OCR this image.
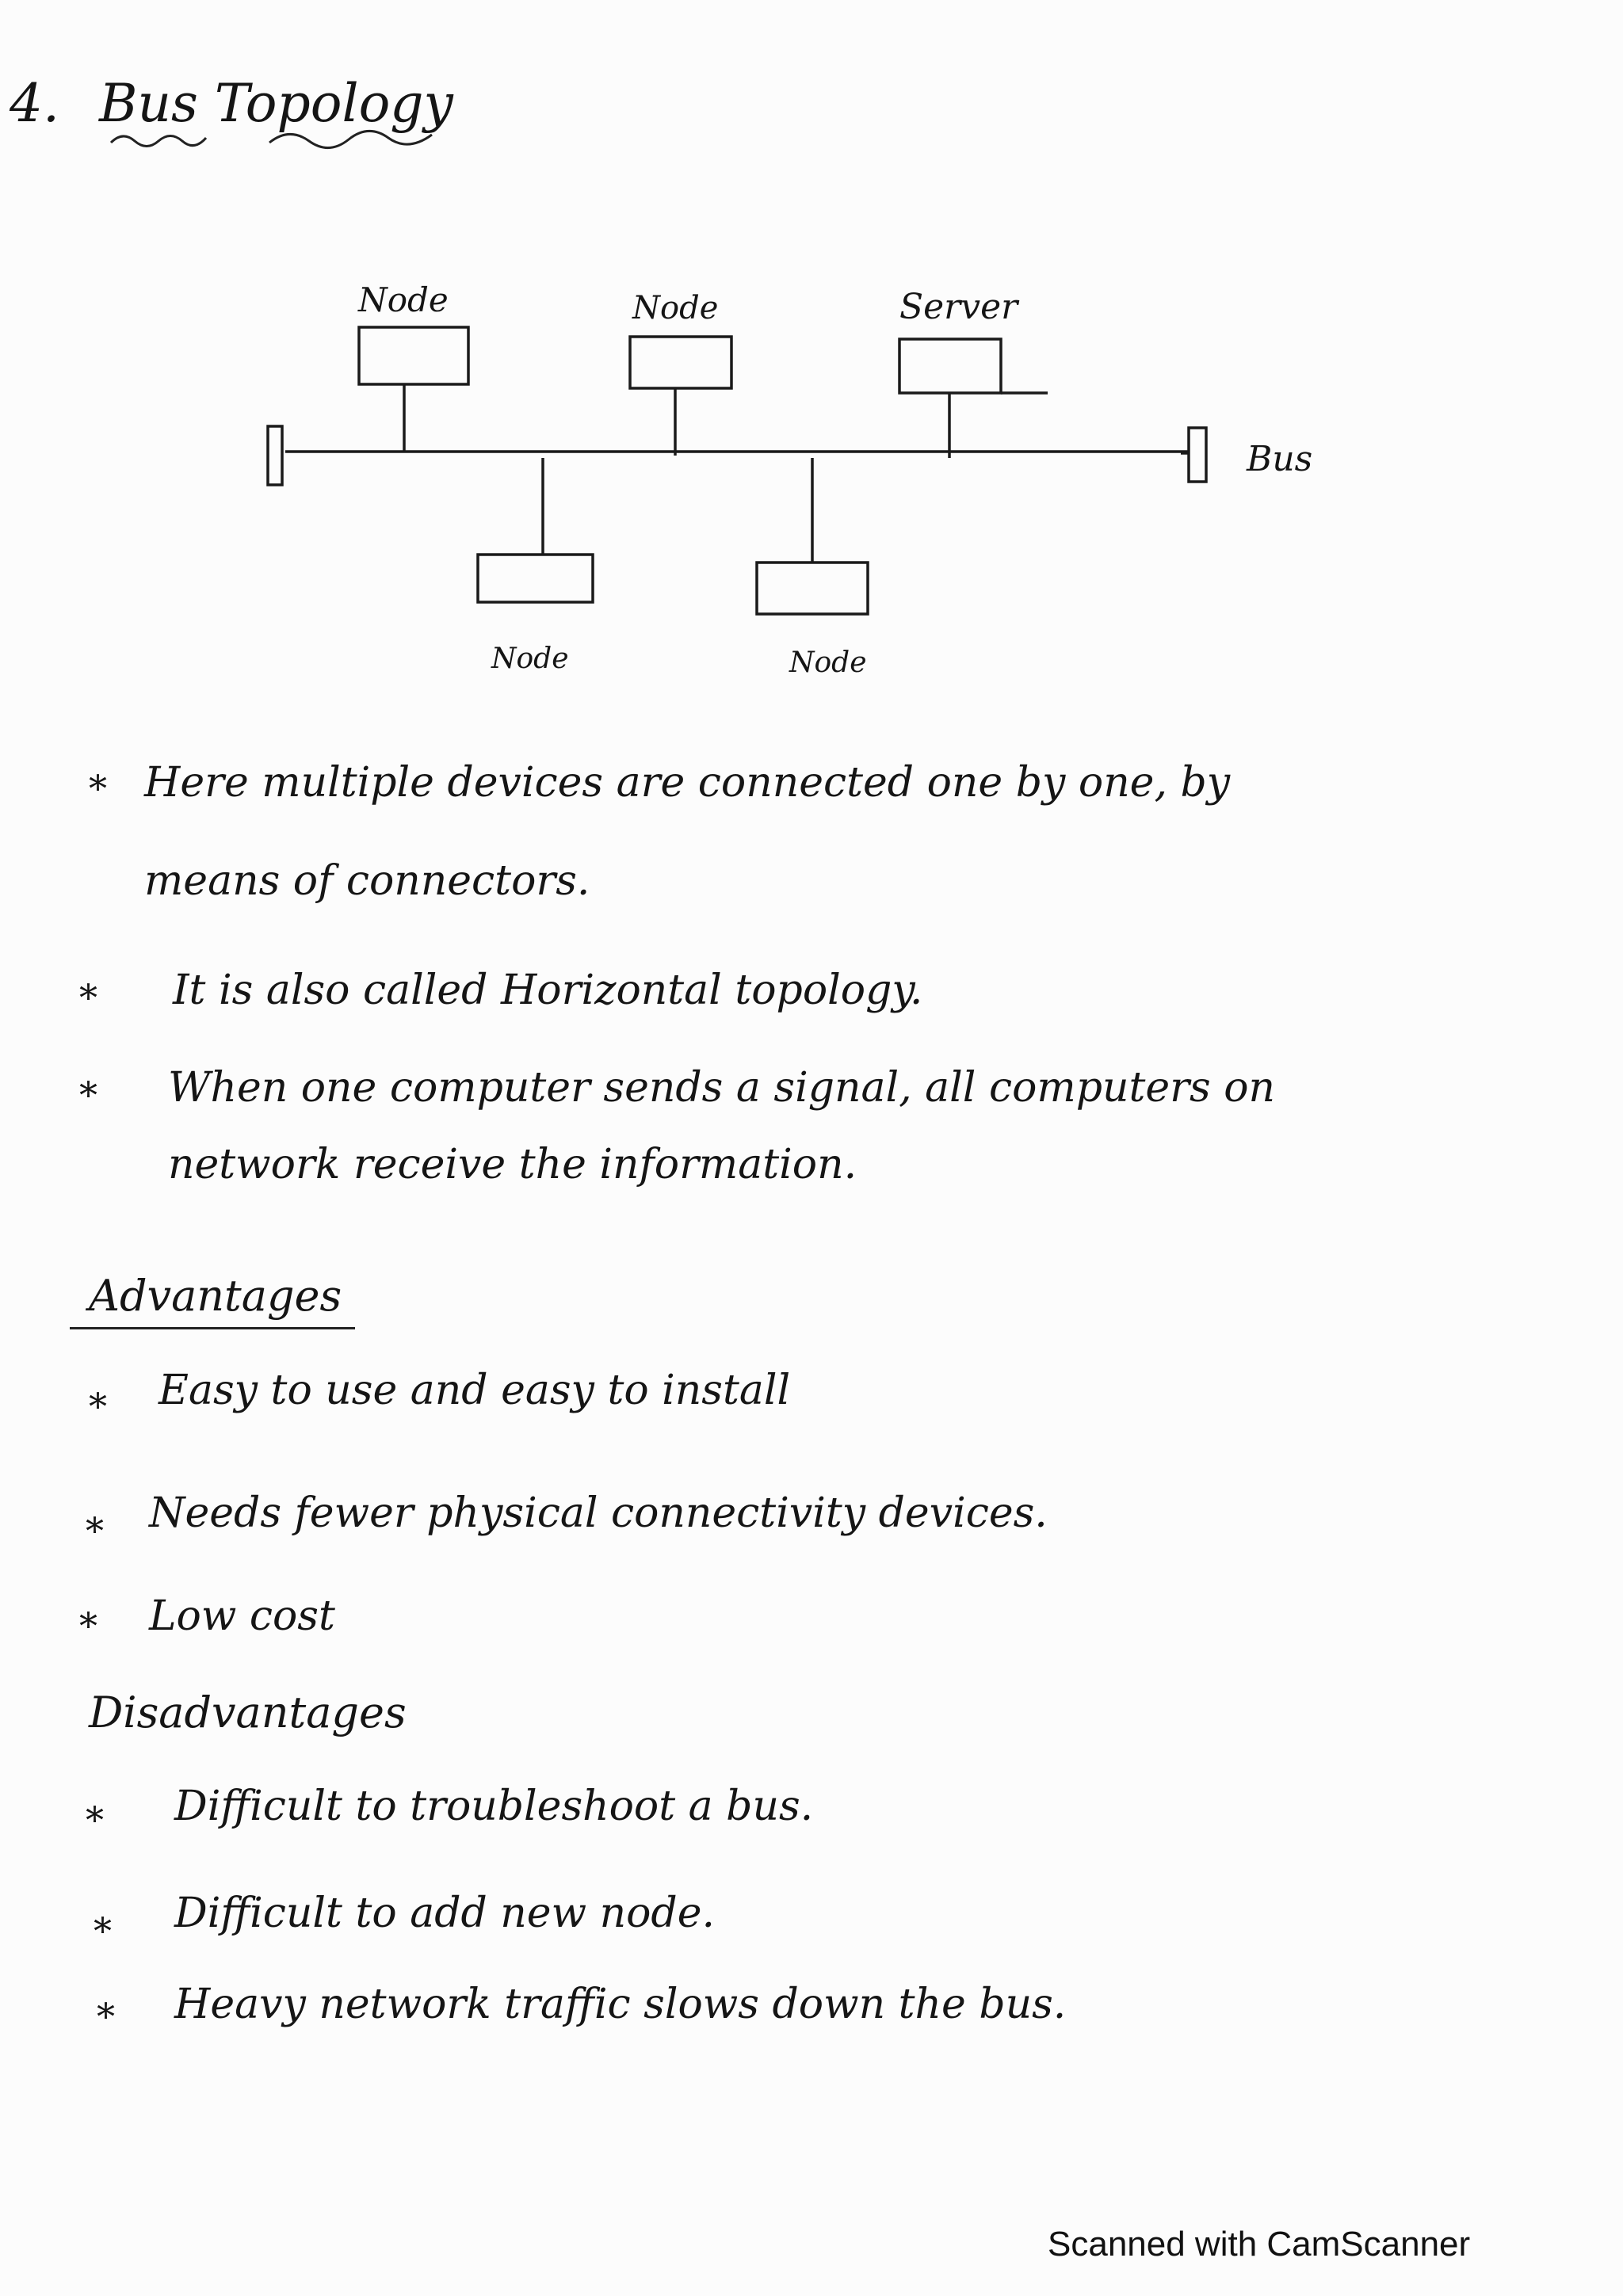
4. Bus Topology
Node	Node	Server
Node	Node
Bus
* Here multiple devices are connected one by one, by
means of connectors.
* It is also called Horizontal topology.
* When one computer sends a signal, all computers on
network receive the information.
Advantages
* Easy to use and easy to install
* Needs fewer physical connectivity devices.
* Low cost
Disadvantages
* Difficult to troubleshoot a bus.
* Difficult to add new node.
* Heavy network traffic slows down the bus.
Scanned with CamScanner
